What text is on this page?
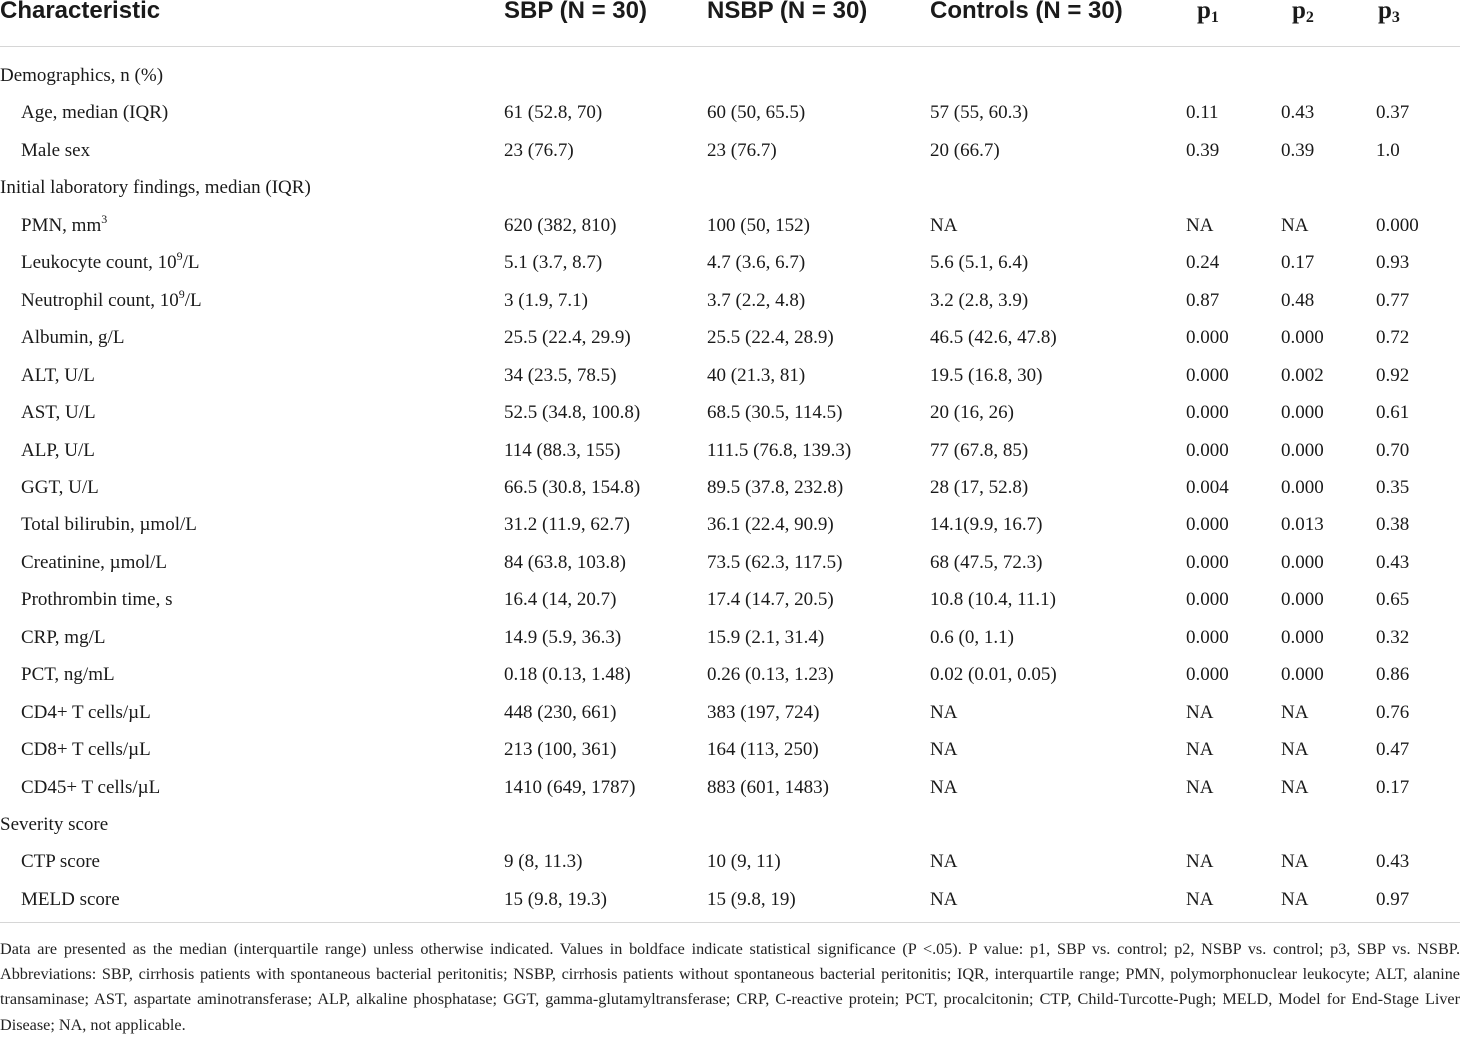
Characteristic	SBP (N = 30)	NSBP (N = 30)	Controls (N = 30)	$p_1$	$p_2$	$p_3$
Demographics, n (%)
Age, median (IQR)	61 (52.8, 70)	60 (50, 65.5)	57 (55, 60.3)	0.11	0.43	0.37
Male sex	23 (76.7)	23 (76.7)	20 (66.7)	0.39	0.39	1.0
Initial laboratory findings, median (IQR)
PMN, $mm^3$	620 (382, 810)	100 (50, 152)	NA	NA	NA	0.000
Leukocyte count, $10^9/L$	5.1 (3.7, 8.7)	4.7 (3.6, 6.7)	5.6 (5.1, 6.4)	0.24	0.17	0.93
Neutrophil count, $10^9/L$	3 (1.9, 7.1)	3.7 (2.2, 4.8)	3.2 (2.8, 3.9)	0.87	0.48	0.77
Albumin, g/L	25.5 (22.4, 29.9)	25.5 (22.4, 28.9)	46.5 (42.6, 47.8)	0.000	0.000	0.72
ALT, U/L	34 (23.5, 78.5)	40 (21.3, 81)	19.5 (16.8, 30)	0.000	0.002	0.92
AST, U/L	52.5 (34.8, 100.8)	68.5 (30.5, 114.5)	20 (16, 26)	0.000	0.000	0.61
ALP, U/L	114 (88.3, 155)	111.5 (76.8, 139.3)	77 (67.8, 85)	0.000	0.000	0.70
GGT, U/L	66.5 (30.8, 154.8)	89.5 (37.8, 232.8)	28 (17, 52.8)	0.004	0.000	0.35
Total bilirubin, µmol/L	31.2 (11.9, 62.7)	36.1 (22.4, 90.9)	14.1(9.9, 16.7)	0.000	0.013	0.38
Creatinine, µmol/L	84 (63.8, 103.8)	73.5 (62.3, 117.5)	68 (47.5, 72.3)	0.000	0.000	0.43
Prothrombin time, s	16.4 (14, 20.7)	17.4 (14.7, 20.5)	10.8 (10.4, 11.1)	0.000	0.000	0.65
CRP, mg/L	14.9 (5.9, 36.3)	15.9 (2.1, 31.4)	0.6 (0, 1.1)	0.000	0.000	0.32
PCT, ng/mL	0.18 (0.13, 1.48)	0.26 (0.13, 1.23)	0.02 (0.01, 0.05)	0.000	0.000	0.86
CD4+ T cells/µL	448 (230, 661)	383 (197, 724)	NA	NA	NA	0.76
CD8+ T cells/µL	213 (100, 361)	164 (113, 250)	NA	NA	NA	0.47
CD45+ T cells/µL	1410 (649, 1787)	883 (601, 1483)	NA	NA	NA	0.17
Severity score
CTP score	9 (8, 11.3)	10 (9, 11)	NA	NA	NA	0.43
MELD score	15 (9.8, 19.3)	15 (9.8, 19)	NA	NA	NA	0.97
Data are presented as the median (interquartile range) unless otherwise indicated. Values in boldface indicate statistical significance (P <.05). P value: p1, SBP vs. control; p2, NSBP vs. control; p3, SBP vs. NSBP. Abbreviations: SBP, cirrhosis patients with spontaneous bacterial peritonitis; NSBP, cirrhosis patients without spontaneous bacterial peritonitis; IQR, interquartile range; PMN, polymorphonuclear leukocyte; ALT, alanine transaminase; AST, aspartate aminotransferase; ALP, alkaline phosphatase; GGT, gamma-glutamyltransferase; CRP, C-reactive protein; PCT, procalcitonin; CTP, Child-Turcotte-Pugh; MELD, Model for End-Stage Liver Disease; NA, not applicable.
